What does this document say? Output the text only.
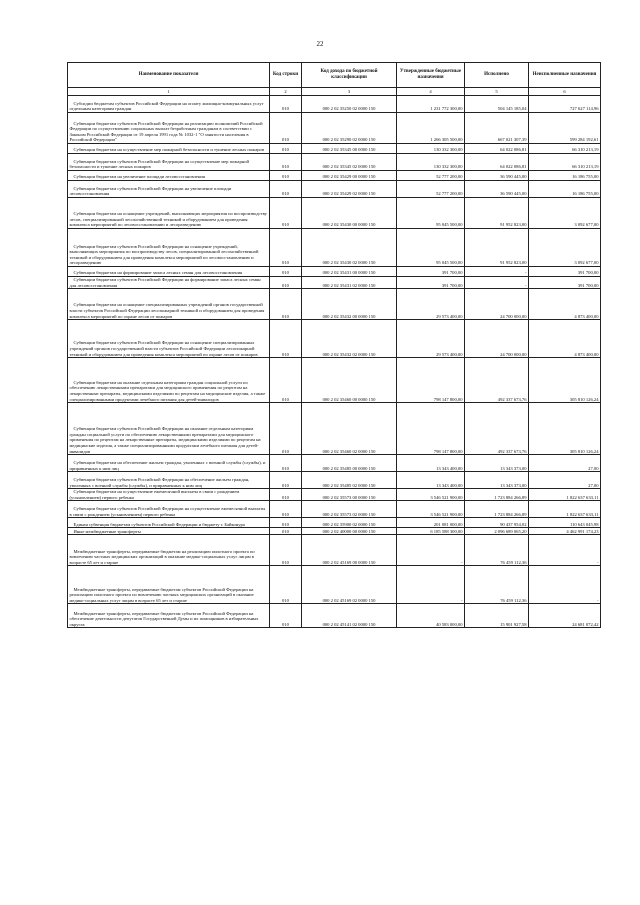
22
Наименование показателя	Код строки	Код дохода по бюджетной классификации	Утвержденные бюджетные назначения	Исполнено	Неисполненные назначения
1	2	3	4	5	6
Субсидии бюджетам субъектов Российской Федерации на оплату жилищно-коммунальных услуг отдельным категориям граждан	010	000 2 02 35250 02 0000 150	1 231 772 300,00	504 145 185,04	727 627 114,96
Субвенции бюджетам субъектов Российской Федерации на реализацию полномочий Российской Федерации по осуществлению социальных выплат безработным гражданам в соответствии с Законом Российской Федерации от 19 апреля 1991 года № 1032-1 "О занятости населения в Российской Федерации"	010	000 2 02 35290 02 0000 150	1 266 305 500,00	667 021 307,39	599 284 192,61
Субвенции бюджетам на осуществление мер пожарной безопасности и тушение лесных пожаров	010	000 2 02 35345 00 0000 150	130 332 300,00	64 022 086,81	66 310 213,19
Субвенции бюджетам субъектов Российской Федерации на осуществление мер пожарной безопасности и тушение лесных пожаров	010	000 2 02 35345 02 0000 150	130 332 300,00	64 022 086,81	66 310 213,19
Субвенции бюджетам на увеличение площади лесовосстановления	010	000 2 02 35429 00 0000 150	52 777 200,00	36 590 445,00	16 186 755,00
Субвенции бюджетам субъектов Российской Федерации на увеличение площади лесовосстановления	010	000 2 02 35429 02 0000 150	52 777 200,00	36 590 445,00	16 186 755,00
Субвенции бюджетам на оснащение учреждений, выполняющих мероприятия по воспроизводству лесов, специализированной лесохозяйственной техникой и оборудованием для проведения комплекса мероприятий по лесовосстановлению и лесоразведению	010	000 2 02 35430 00 0000 150	95 045 500,00	91 952 823,00	3 092 677,00
Субвенции бюджетам субъектов Российской Федерации на оснащение учреждений, выполняющих мероприятия по воспроизводству лесов, специализированной лесохозяйственной техникой и оборудованием для проведения комплекса мероприятий по лесовосстановлению и лесоразведению	010	000 2 02 35430 02 0000 150	95 045 500,00	91 952 823,00	3 092 677,00
Субвенции бюджетам на формирование запаса лесных семян для лесовосстановления	010	000 2 02 35431 00 0000 150	391 700,00	-	391 700,00
Субвенции бюджетам субъектов Российской Федерации на формирование запаса лесных семян для лесовосстановления	010	000 2 02 35431 02 0000 150	391 700,00	-	391 700,00
Субвенции бюджетам на оснащение специализированных учреждений органов государственной власти субъектов Российской Федерации лесопожарной техникой и оборудованием для проведения комплекса мероприятий по охране лесов от пожаров	010	000 2 02 35432 00 0000 150	29 573 400,00	24 700 000,00	4 873 400,00
Субвенции бюджетам субъектов Российской Федерации на оснащение специализированных учреждений органов государственной власти субъектов Российской Федерации лесопожарной техникой и оборудованием для проведения комплекса мероприятий по охране лесов от пожаров	010	000 2 02 35432 02 0000 150	29 573 400,00	24 700 000,00	4 873 400,00
Субвенции бюджетам на оказание отдельным категориям граждан социальной услуги по обеспечению лекарственными препаратами для медицинского применения по рецептам на лекарственные препараты, медицинскими изделиями по рецептам на медицинские изделия, а также специализированными продуктами лечебного питания для детей-инвалидов	010	000 2 02 35460 00 0000 150	798 147 800,00	492 337 673,76	305 810 126,24
Субвенции бюджетам субъектов Российской Федерации на оказание отдельным категориям граждан социальной услуги по обеспечению лекарственными препаратами для медицинского применения по рецептам на лекарственные препараты, медицинскими изделиями по рецептам на медицинские изделия, а также специализированными продуктами лечебного питания для детей-инвалидов	010	000 2 02 35460 02 0000 150	798 147 800,00	492 337 673,76	305 810 126,24
Субвенции бюджетам на обеспечение жильем граждан, уволенных с военной службы (службы), и приравненных к ним лиц	010	000 2 02 35485 00 0000 150	13 343 400,00	13 343 373,00	27,00
Субвенции бюджетам субъектов Российской Федерации на обеспечение жильем граждан, уволенных с военной службы (службы), и приравненных к ним лиц	010	000 2 02 35485 02 0000 150	13 343 400,00	13 343 373,00	27,00
Субвенции бюджетам на осуществление ежемесячной выплаты в связи с рождением (усыновлением) первого ребенка	010	000 2 02 35573 00 0000 150	3 546 521 900,00	1 723 884 266,89	1 822 637 633,11
Субвенции бюджетам субъектов Российской Федерации на осуществление ежемесячной выплаты в связи с рождением (усыновлением) первого ребенка	010	000 2 02 35573 02 0000 150	3 546 521 900,00	1 723 884 266,89	1 822 637 633,11
Единая субвенция бюджетам субъектов Российской Федерации и бюджету г. Байконура	010	000 2 02 35900 02 0000 150	201 081 000,00	90 437 954,02	110 643 045,98
Иные межбюджетные трансферты	010	000 2 02 40000 00 0000 150	6 185 588 300,00	2 096 689 065,20	4 462 991 174,23
Межбюджетные трансферты, передаваемые бюджетам на реализацию пилотного проекта по вовлечению частных медицинских организаций в оказание медико-социальных услуг лицам в возрасте 65 лет и старше	010	000 2 02 45169 00 0000 150	-	76 459 112,36	-
Межбюджетные трансферты, передаваемые бюджетам субъектов Российской Федерации на реализацию пилотного проекта по вовлечению частных медицинских организаций в оказание медико-социальных услуг лицам в возрасте 65 лет и старше	010	000 2 02 45169 02 0000 150	-	76 459 112,36	-
Межбюджетные трансферты, передаваемые бюджетам субъектов Российской Федерации на обеспечение деятельности депутатов Государственной Думы и их помощников в избирательных округах	010	000 2 02 45141 02 0000 150	40 583 000,00	15 901 927,58	24 681 072,42
